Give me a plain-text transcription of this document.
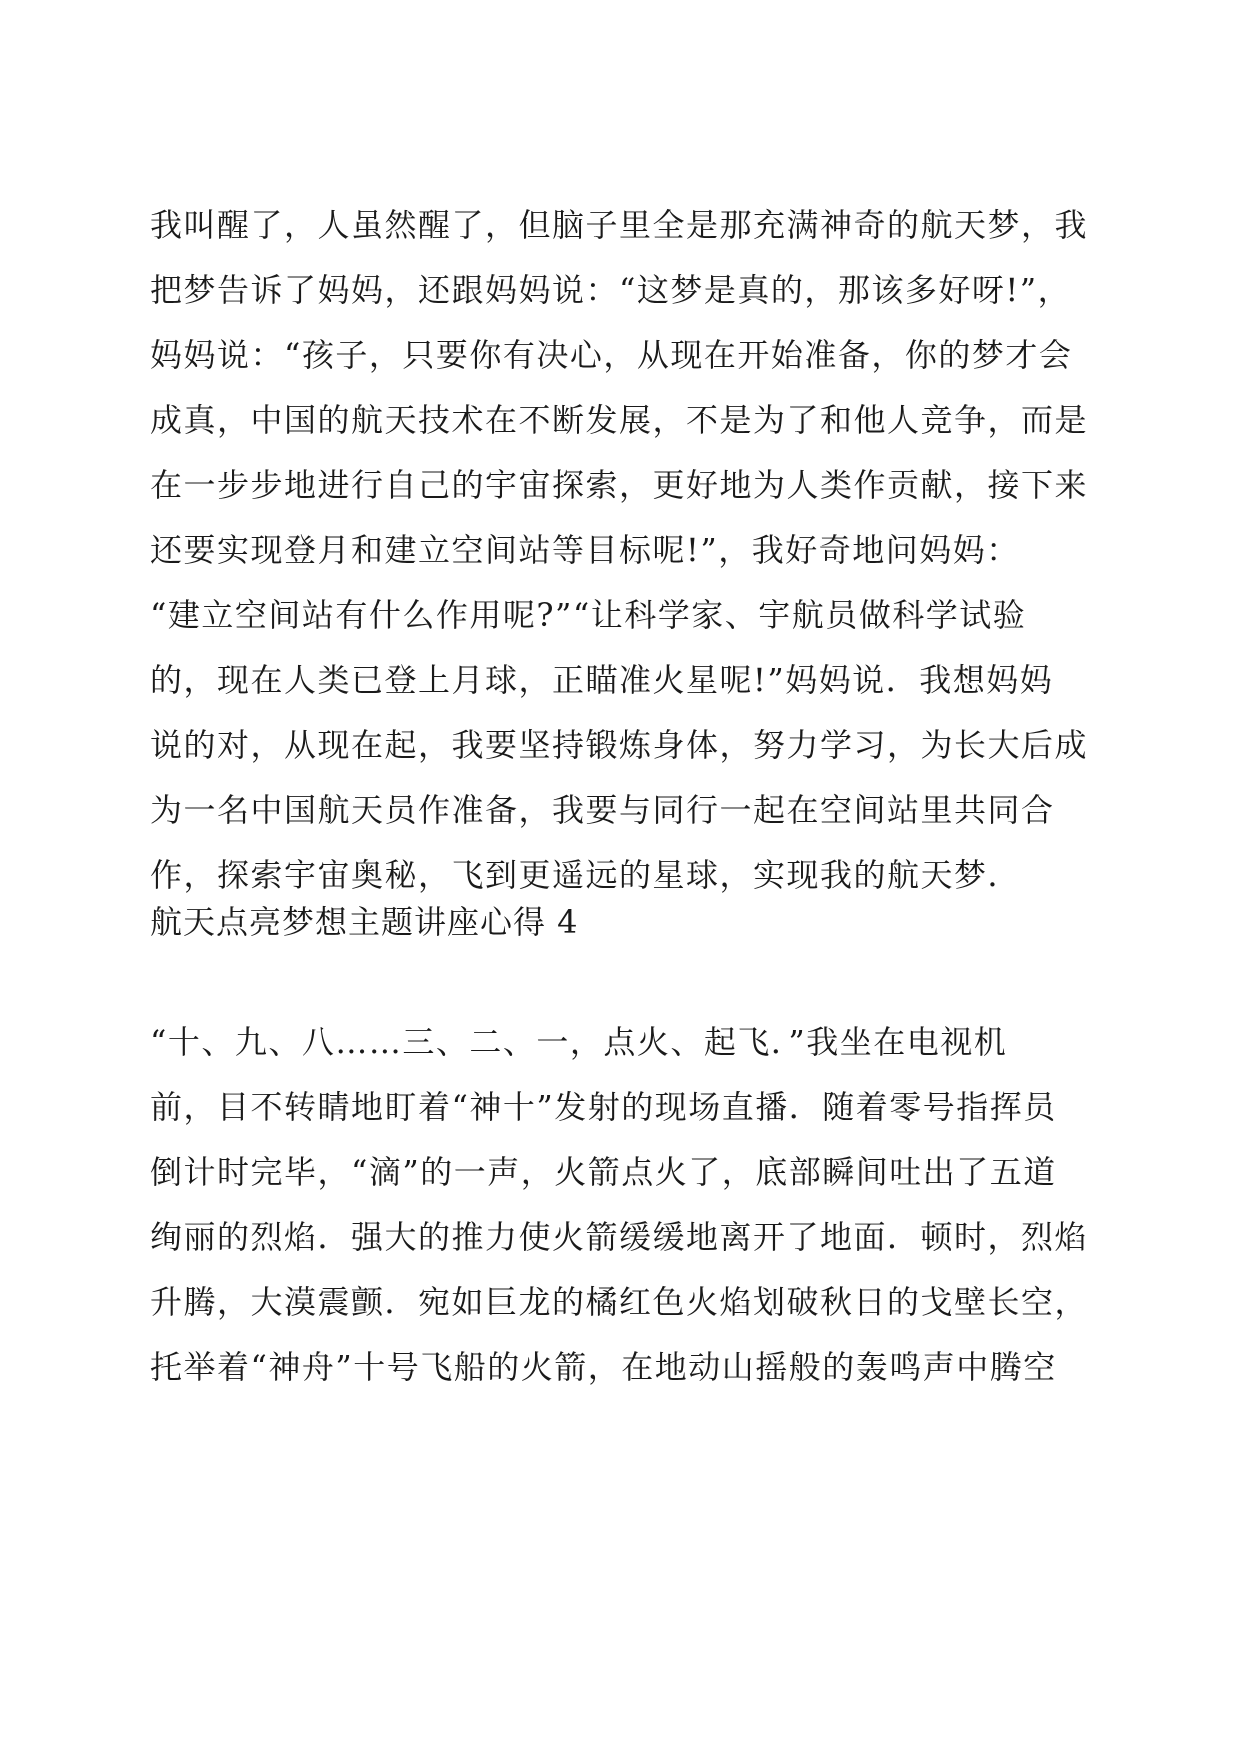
我叫醒了，人虽然醒了，但脑子里全是那充满神奇的航天梦，我
把梦告诉了妈妈，还跟妈妈说：“这梦是真的，那该多好呀!”，
妈妈说：“孩子，只要你有决心，从现在开始准备，你的梦才会
成真，中国的航天技术在不断发展，不是为了和他人竞争，而是
在一步步地进行自己的宇宙探索，更好地为人类作贡献，接下来
还要实现登月和建立空间站等目标呢!”，我好奇地问妈妈：
“建立空间站有什么作用呢?”“让科学家、宇航员做科学试验
的，现在人类已登上月球，正瞄准火星呢!”妈妈说．我想妈妈
说的对，从现在起，我要坚持锻炼身体，努力学习，为长大后成
为一名中国航天员作准备，我要与同行一起在空间站里共同合
作，探索宇宙奥秘，飞到更遥远的星球，实现我的航天梦．
航天点亮梦想主题讲座心得 4
“十、九、八……三、二、一，点火、起飞．”我坐在电视机
前，目不转睛地盯着“神十”发射的现场直播．随着零号指挥员
倒计时完毕，“滴”的一声，火箭点火了，底部瞬间吐出了五道
绚丽的烈焰．强大的推力使火箭缓缓地离开了地面．顿时，烈焰
升腾，大漠震颤．宛如巨龙的橘红色火焰划破秋日的戈壁长空，
托举着“神舟”十号飞船的火箭，在地动山摇般的轰鸣声中腾空
